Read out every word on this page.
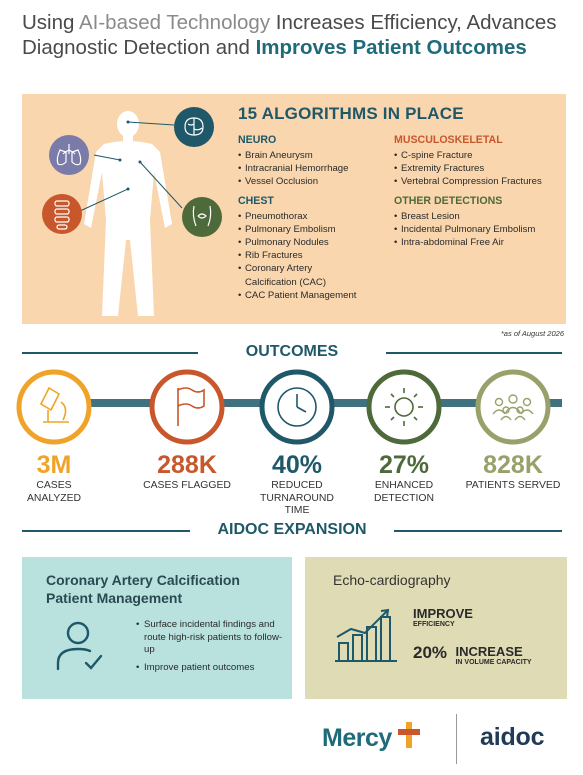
Using AI-based Technology Increases Efficiency, Advances Diagnostic Detection and Improves Patient Outcomes
15 ALGORITHMS IN PLACE
NEURO
• Brain Aneurysm
• Intracranial Hemorrhage
• Vessel Occlusion
CHEST
• Pneumothorax
• Pulmonary Embolism
• Pulmonary Nodules
• Rib Fractures
• Coronary Artery Calcification (CAC)
• CAC Patient Management
MUSCULOSKELETAL
• C-spine Fracture
• Extremity Fractures
• Vertebral Compression Fractures
OTHER DETECTIONS
• Breast Lesion
• Incidental Pulmonary Embolism
• Intra-abdominal Free Air
*as of August 2026
OUTCOMES
3M
CASES ANALYZED
288K
CASES FLAGGED
40%
REDUCED TURNAROUND TIME
27%
ENHANCED DETECTION
828K
PATIENTS SERVED
AIDOC EXPANSION
Coronary Artery Calcification Patient Management
• Surface incidental findings and route high-risk patients to follow-up
• Improve patient outcomes
Echo-cardiography
IMPROVE
EFFICIENCY
20% INCREASE
IN VOLUME CAPACITY
Mercy	aidoc
